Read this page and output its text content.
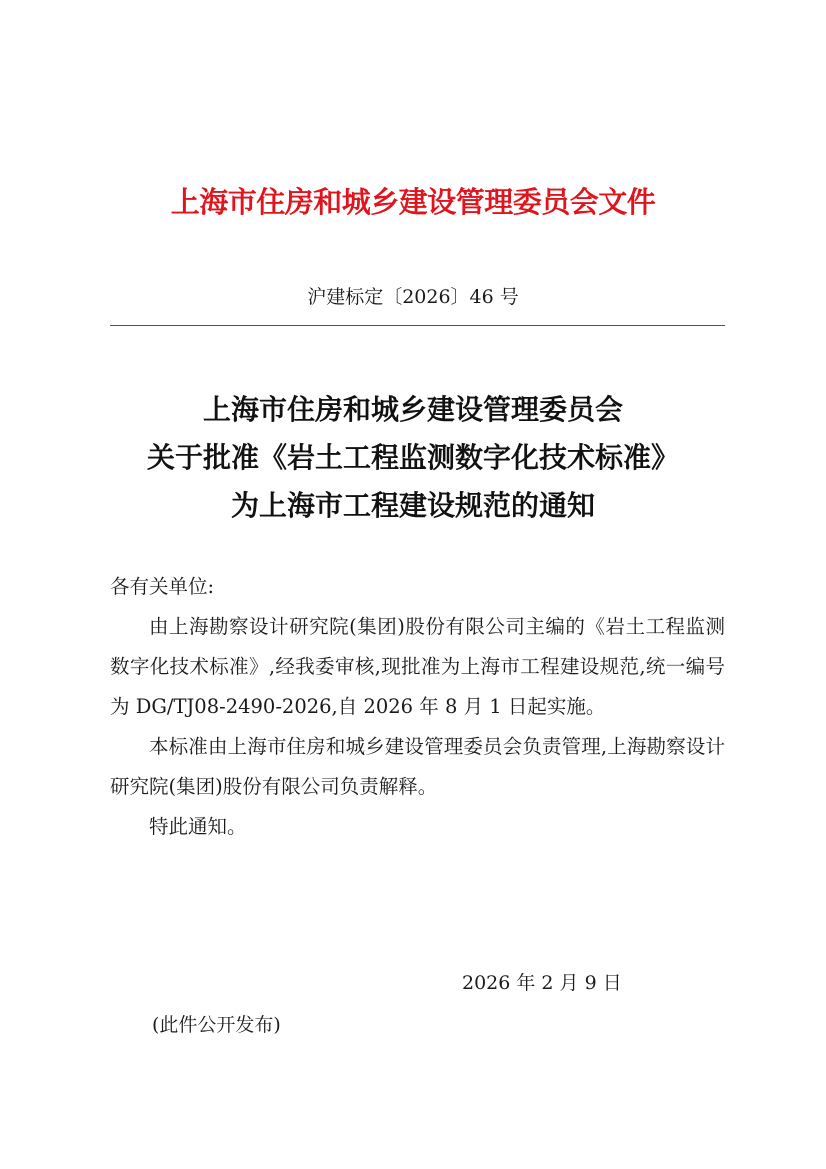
上海市住房和城乡建设管理委员会文件
沪建标定〔2026〕46 号
上海市住房和城乡建设管理委员会
关于批准《岩土工程监测数字化技术标准》
为上海市工程建设规范的通知

各有关单位:

由上海勘察设计研究院(集团)股份有限公司主编的《岩土工程监测数字化技术标准》,经我委审核,现批准为上海市工程建设规范,统一编号为 DG/TJ08-2490-2026,自 2026 年 8 月 1 日起实施。

本标准由上海市住房和城乡建设管理委员会负责管理,上海勘察设计研究院(集团)股份有限公司负责解释。

特此通知。

2026 年 2 月 9 日
(此件公开发布)
